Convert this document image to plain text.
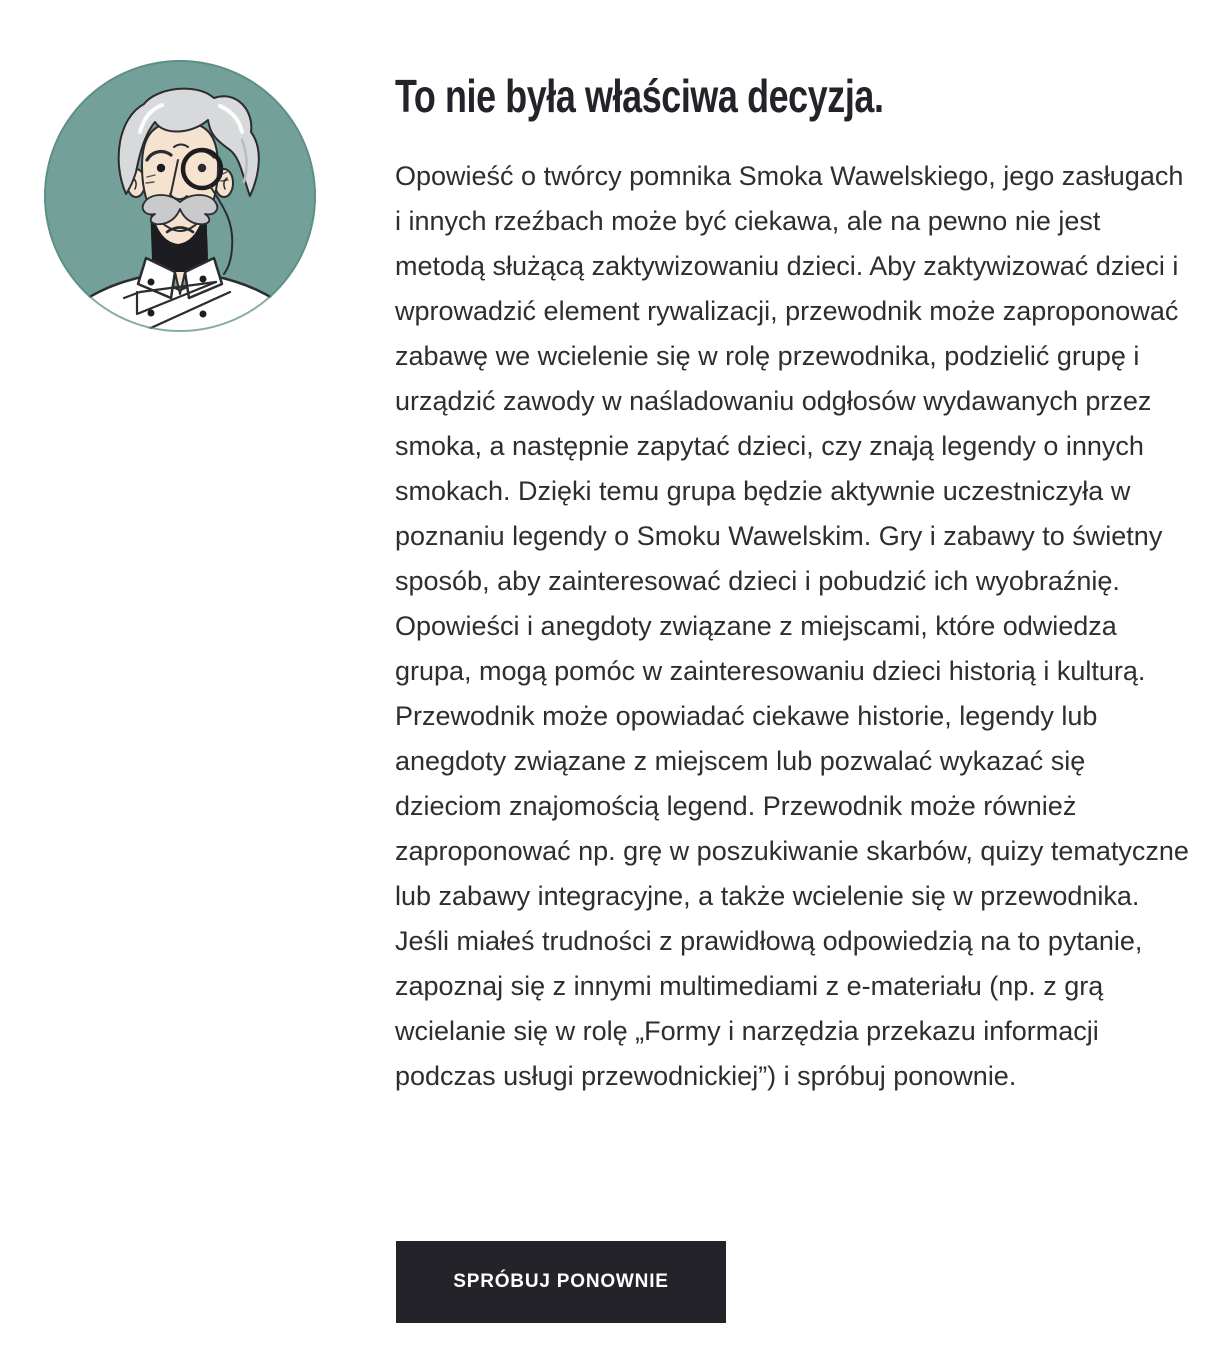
To nie była właściwa decyzja.

Opowieść o twórcy pomnika Smoka Wawelskiego, jego zasługach i innych rzeźbach może być ciekawa, ale na pewno nie jest metodą służącą zaktywizowaniu dzieci. Aby zaktywizować dzieci i wprowadzić element rywalizacji, przewodnik może zaproponować zabawę we wcielenie się w rolę przewodnika, podzielić grupę i urządzić zawody w naśladowaniu odgłosów wydawanych przez smoka, a następnie zapytać dzieci, czy znają legendy o innych smokach. Dzięki temu grupa będzie aktywnie uczestniczyła w poznaniu legendy o Smoku Wawelskim. Gry i zabawy to świetny sposób, aby zainteresować dzieci i pobudzić ich wyobraźnię. Opowieści i anegdoty związane z miejscami, które odwiedza grupa, mogą pomóc w zainteresowaniu dzieci historią i kulturą. Przewodnik może opowiadać ciekawe historie, legendy lub anegdoty związane z miejscem lub pozwalać wykazać się dzieciom znajomością legend. Przewodnik może również zaproponować np. grę w poszukiwanie skarbów, quizy tematyczne lub zabawy integracyjne, a także wcielenie się w przewodnika. Jeśli miałeś trudności z prawidłową odpowiedzią na to pytanie, zapoznaj się z innymi multimediami z e-materiału (np. z grą wcielanie się w rolę „Formy i narzędzia przekazu informacji podczas usługi przewodnickiej”) i spróbuj ponownie.

SPRÓBUJ PONOWNIE
